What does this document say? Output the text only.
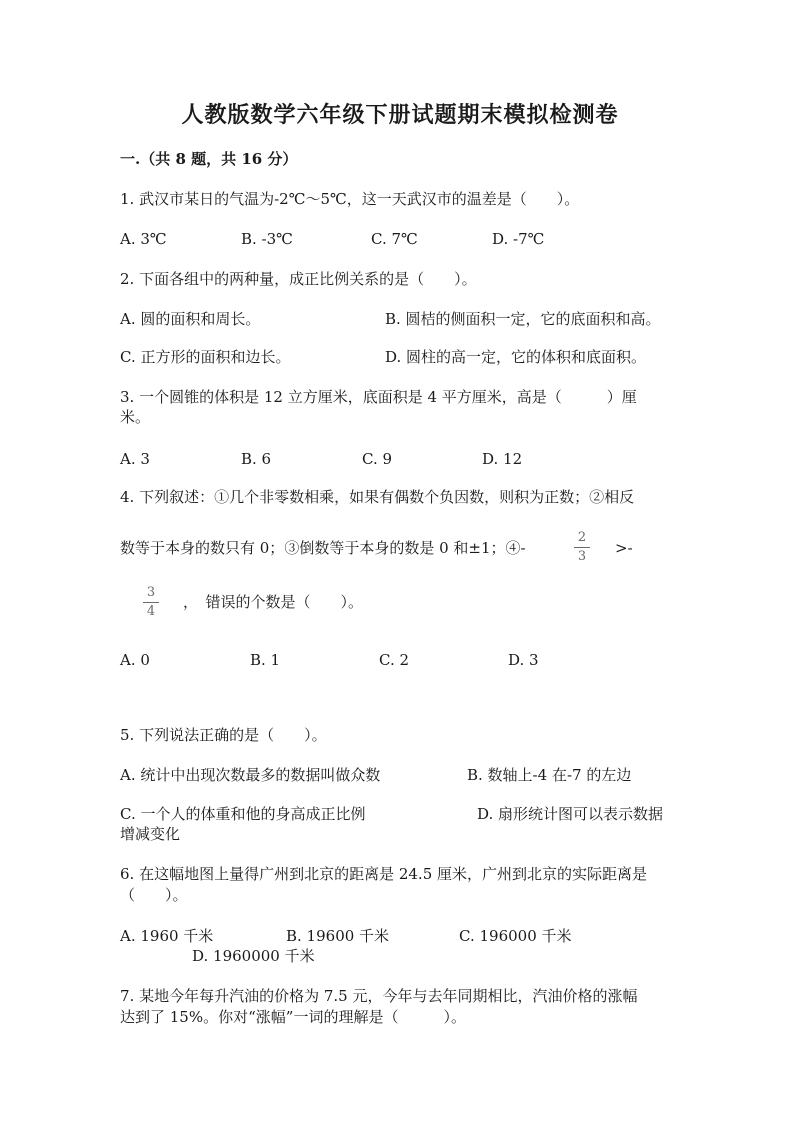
人教版数学六年级下册试题期末模拟检测卷
一.（共 8 题，共 16 分）
1. 武汉市某日的气温为-2℃～5℃，这一天武汉市的温差是（　　）。
A. 3℃	B. -3℃	C. 7℃	D. -7℃
2. 下面各组中的两种量，成正比例关系的是（　　）。
A. 圆的面积和周长。	B. 圆桔的侧面积一定，它的底面积和高。
C. 正方形的面积和边长。	D. 圆柱的高一定，它的体积和底面积。
3. 一个圆锥的体积是 12 立方厘米，底面积是 4 平方厘米，高是（　　　）厘
米。
A. 3	B. 6	C. 9	D. 12
4. 下列叙述：①几个非零数相乘，如果有偶数个负因数，则积为正数；②相反
数等于本身的数只有 0；③倒数等于本身的数是 0 和±1；④-
2
3 >-
3
4
，　错误的个数是（　　）。
A. 0	B. 1	C. 2	D. 3
5. 下列说法正确的是（　　）。
A. 统计中出现次数最多的数据叫做众数	B. 数轴上-4 在-7 的左边
C. 一个人的体重和他的身高成正比例	D. 扇形统计图可以表示数据
增减变化
6. 在这幅地图上量得广州到北京的距离是 24.5 厘米，广州到北京的实际距离是
（　　）。
A. 1960 千米	B. 19600 千米	C. 196000 千米
D. 1960000 千米
7. 某地今年每升汽油的价格为 7.5 元，今年与去年同期相比，汽油价格的涨幅
达到了 15%。你对“涨幅”一词的理解是（　　　）。
